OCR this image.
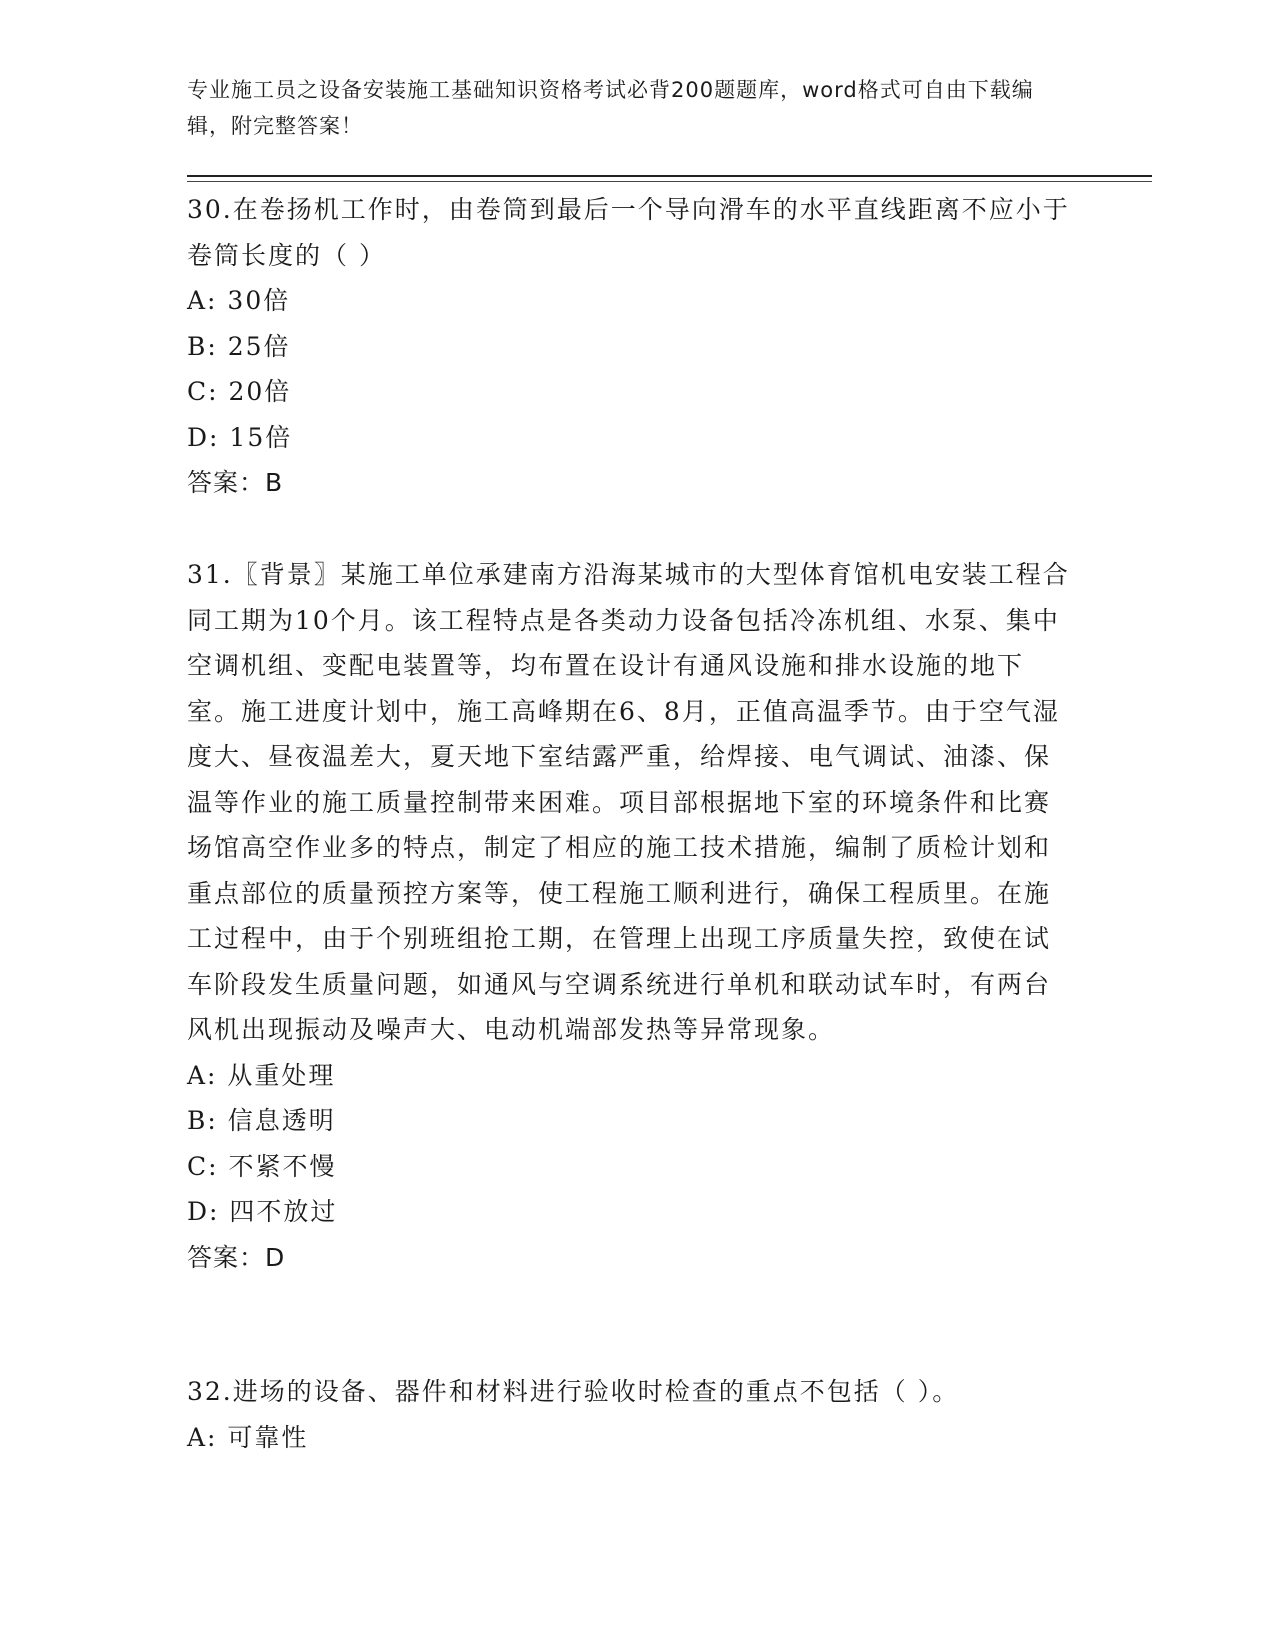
专业施工员之设备安装施工基础知识资格考试必背200题题库，word格式可自由下载编辑，附完整答案！
30.在卷扬机工作时，由卷筒到最后一个导向滑车的水平直线距离不应小于卷筒长度的（ ）
A: 30倍
B: 25倍
C: 20倍
D: 15倍
答案：B
31.〖背景〗某施工单位承建南方沿海某城市的大型体育馆机电安装工程合同工期为10个月。该工程特点是各类动力设备包括冷冻机组、水泵、集中空调机组、变配电装置等，均布置在设计有通风设施和排水设施的地下室。施工进度计划中，施工高峰期在6、8月，正值高温季节。由于空气湿度大、昼夜温差大，夏天地下室结露严重，给焊接、电气调试、油漆、保温等作业的施工质量控制带来困难。项目部根据地下室的环境条件和比赛场馆高空作业多的特点，制定了相应的施工技术措施，编制了质检计划和重点部位的质量预控方案等，使工程施工顺利进行，确保工程质里。在施工过程中，由于个别班组抢工期，在管理上出现工序质量失控，致使在试车阶段发生质量问题，如通风与空调系统进行单机和联动试车时，有两台风机出现振动及噪声大、电动机端部发热等异常现象。
A: 从重处理
B: 信息透明
C: 不紧不慢
D: 四不放过
答案：D
32.进场的设备、器件和材料进行验收时检查的重点不包括（ ）。
A: 可靠性
